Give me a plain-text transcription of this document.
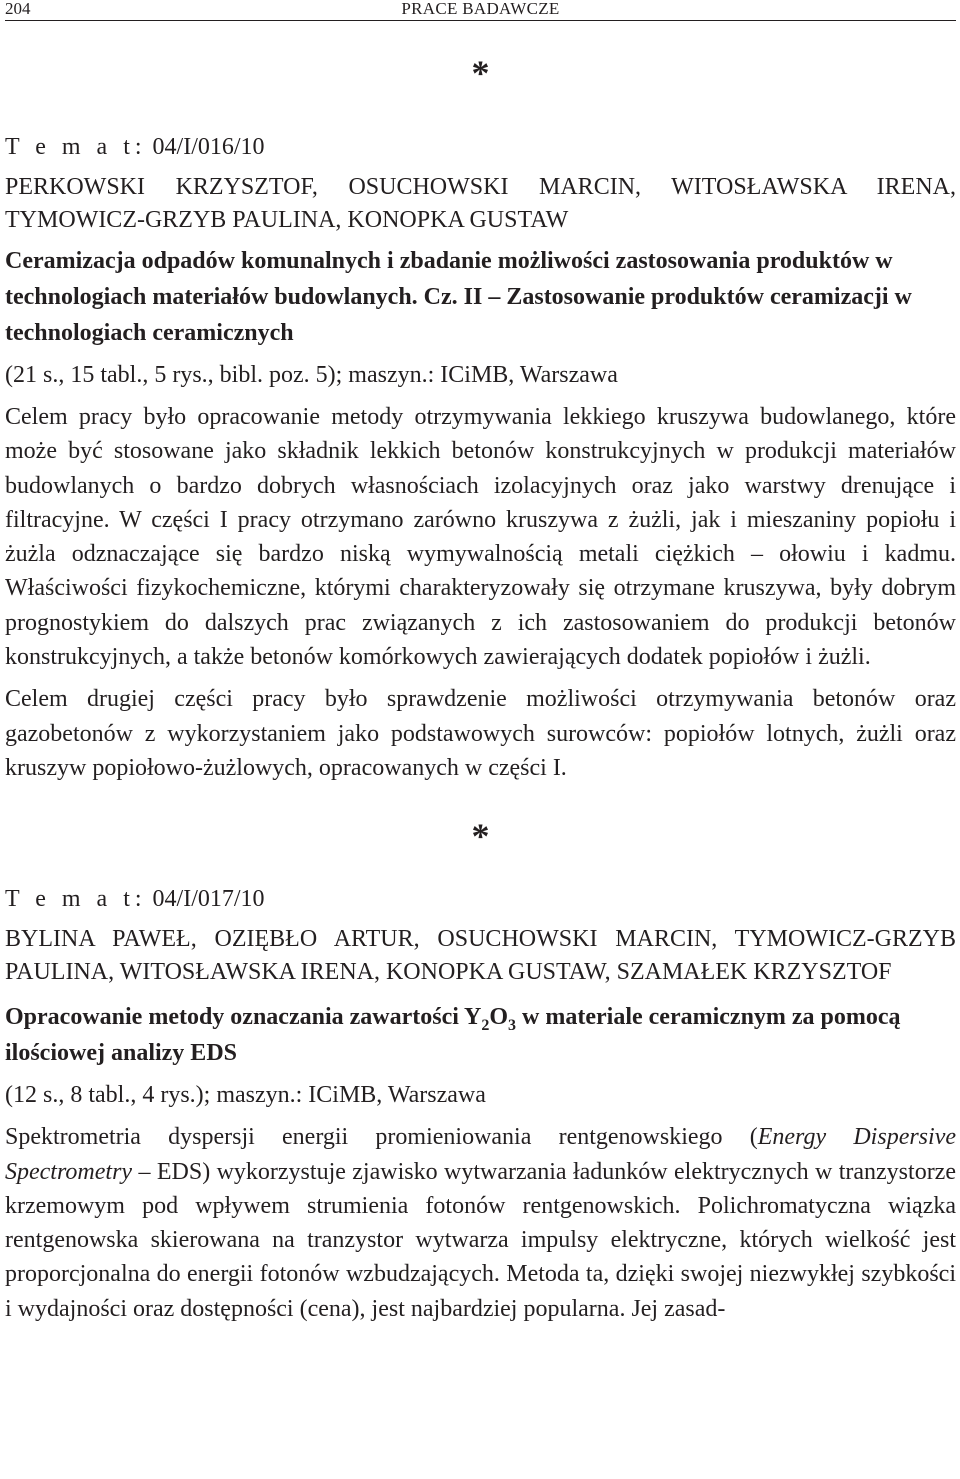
204	PRACE BADAWCZE
*
T e m a t: 04/I/016/10

PERKOWSKI KRZYSZTOF, OSUCHOWSKI MARCIN, WITOSŁAWSKA IRENA, TYMOWICZ-GRZYB PAULINA, KONOPKA GUSTAW

Ceramizacja odpadów komunalnych i zbadanie możliwości zastosowania produktów w technologiach materiałów budowlanych. Cz. II – Zastosowanie produktów ceramizacji w technologiach ceramicznych

(21 s., 15 tabl., 5 rys., bibl. poz. 5); maszyn.: ICiMB, Warszawa

Celem pracy było opracowanie metody otrzymywania lekkiego kruszywa budowlanego, które może być stosowane jako składnik lekkich betonów konstrukcyjnych w produkcji materiałów budowlanych o bardzo dobrych własnościach izolacyjnych oraz jako warstwy drenujące i filtracyjne. W części I pracy otrzymano zarówno kruszywa z żużli, jak i mieszaniny popiołu i żużla odznaczające się bardzo niską wymywalnością metali ciężkich – ołowiu i kadmu. Właściwości fizykochemiczne, którymi charakteryzowały się otrzymane kruszywa, były dobrym prognostykiem do dalszych prac związanych z ich zastosowaniem do produkcji betonów konstrukcyjnych, a także betonów komórkowych zawierających dodatek popiołów i żużli.

Celem drugiej części pracy było sprawdzenie możliwości otrzymywania betonów oraz gazobetonów z wykorzystaniem jako podstawowych surowców: popiołów lotnych, żużli oraz kruszyw popiołowo-żużlowych, opracowanych w części I.

*
T e m a t: 04/I/017/10

BYLINA PAWEŁ, OZIĘBŁO ARTUR, OSUCHOWSKI MARCIN, TYMOWICZ-GRZYB PAULINA, WITOSŁAWSKA IRENA, KONOPKA GUSTAW, SZAMAŁEK KRZYSZTOF

Opracowanie metody oznaczania zawartości $Y_2O_3$ w materiale ceramicznym za pomocą ilościowej analizy EDS

(12 s., 8 tabl., 4 rys.); maszyn.: ICiMB, Warszawa

Spektrometria dyspersji energii promieniowania rentgenowskiego (Energy Dispersive Spectrometry – EDS) wykorzystuje zjawisko wytwarzania ładunków elektrycznych w tranzystorze krzemowym pod wpływem strumienia fotonów rentgenowskich. Polichromatyczna wiązka rentgenowska skierowana na tranzystor wytwarza impulsy elektryczne, których wielkość jest proporcjonalna do energii fotonów wzbudzających. Metoda ta, dzięki swojej niezwykłej szybkości i wydajności oraz dostępności (cena), jest najbardziej popularna. Jej zasad-
